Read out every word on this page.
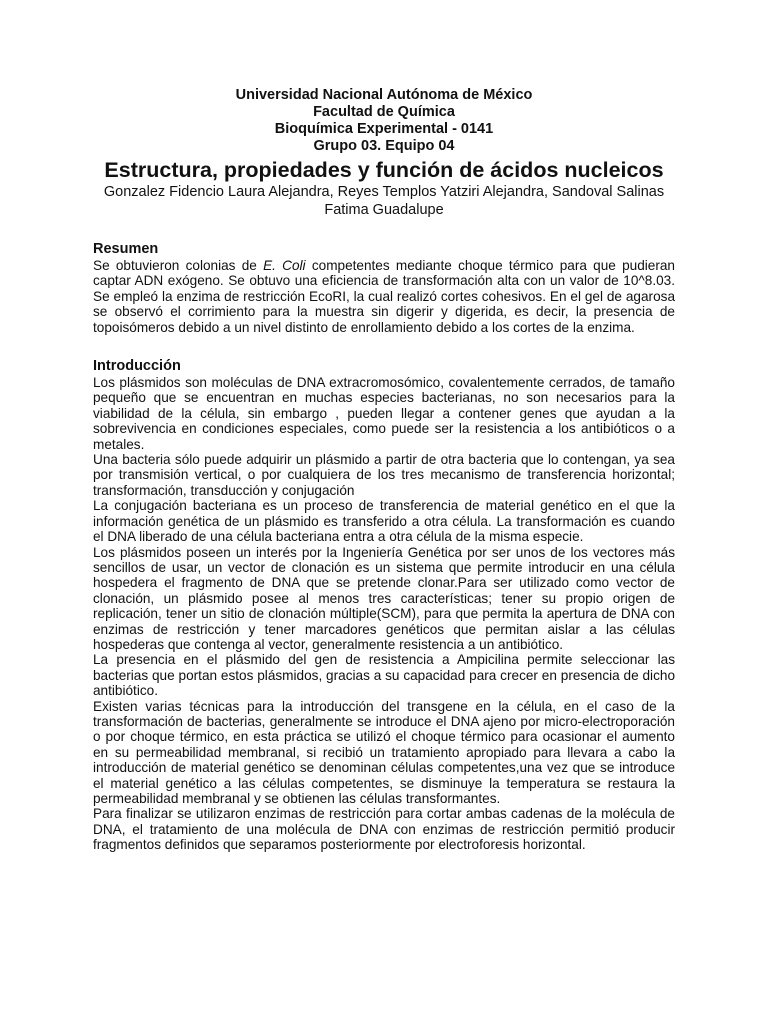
Universidad Nacional Autónoma de México
Facultad de Química
Bioquímica Experimental - 0141
Grupo 03. Equipo 04
Estructura, propiedades y función de ácidos nucleicos
Gonzalez Fidencio Laura Alejandra, Reyes Templos Yatziri Alejandra, Sandoval Salinas Fatima Guadalupe
Resumen

Se obtuvieron colonias de E. Coli competentes mediante choque térmico para que pudieran captar ADN exógeno. Se obtuvo una eficiencia de transformación alta con un valor de 10^8.03. Se empleó la enzima de restricción EcoRI, la cual realizó cortes cohesivos. En el gel de agarosa se observó el corrimiento para la muestra sin digerir y digerida, es decir, la presencia de topoisómeros debido a un nivel distinto de enrollamiento debido a los cortes de la enzima.

Introducción

Los plásmidos son moléculas de DNA extracromosómico, covalentemente cerrados, de tamaño pequeño que se encuentran en muchas especies bacterianas, no son necesarios para la viabilidad de la célula, sin embargo , pueden llegar a contener genes que ayudan a la sobrevivencia en condiciones especiales, como puede ser la resistencia a los antibióticos o a metales.

Una bacteria sólo puede adquirir un plásmido a partir de otra bacteria que lo contengan, ya sea por transmisión vertical, o por cualquiera de los tres mecanismo de transferencia horizontal; transformación, transducción y conjugación

La conjugación bacteriana es un proceso de transferencia de material genético en el que la información genética de un plásmido es transferido a otra célula. La transformación es cuando el DNA liberado de una célula bacteriana entra a otra célula de la misma especie.

Los plásmidos poseen un interés por la Ingeniería Genética por ser unos de los vectores más sencillos de usar, un vector de clonación es un sistema que permite introducir en una célula hospedera el fragmento de DNA que se pretende clonar.Para ser utilizado como vector de clonación, un plásmido posee al menos tres características; tener su propio origen de replicación, tener un sitio de clonación múltiple(SCM), para que permita la apertura de DNA con enzimas de restricción y tener marcadores genéticos que permitan aislar a las células hospederas que contenga al vector, generalmente resistencia a un antibiótico.

La presencia en el plásmido del gen de resistencia a Ampicilina permite seleccionar las bacterias que portan estos plásmidos, gracias a su capacidad para crecer en presencia de dicho antibiótico.

Existen varias técnicas para la introducción del transgene en la célula, en el caso de la transformación de bacterias, generalmente se introduce el DNA ajeno por micro-electroporación o por choque térmico, en esta práctica se utilizó el choque térmico para ocasionar el aumento en su permeabilidad membranal, si recibió un tratamiento apropiado para llevara a cabo la introducción de material genético se denominan células competentes,una vez que se introduce el material genético a las células competentes, se disminuye la temperatura se restaura la permeabilidad membranal y se obtienen las células transformantes.

Para finalizar se utilizaron enzimas de restricción para cortar ambas cadenas de la molécula de DNA, el tratamiento de una molécula de DNA con enzimas de restricción permitió producir fragmentos definidos que separamos posteriormente por electroforesis horizontal.
